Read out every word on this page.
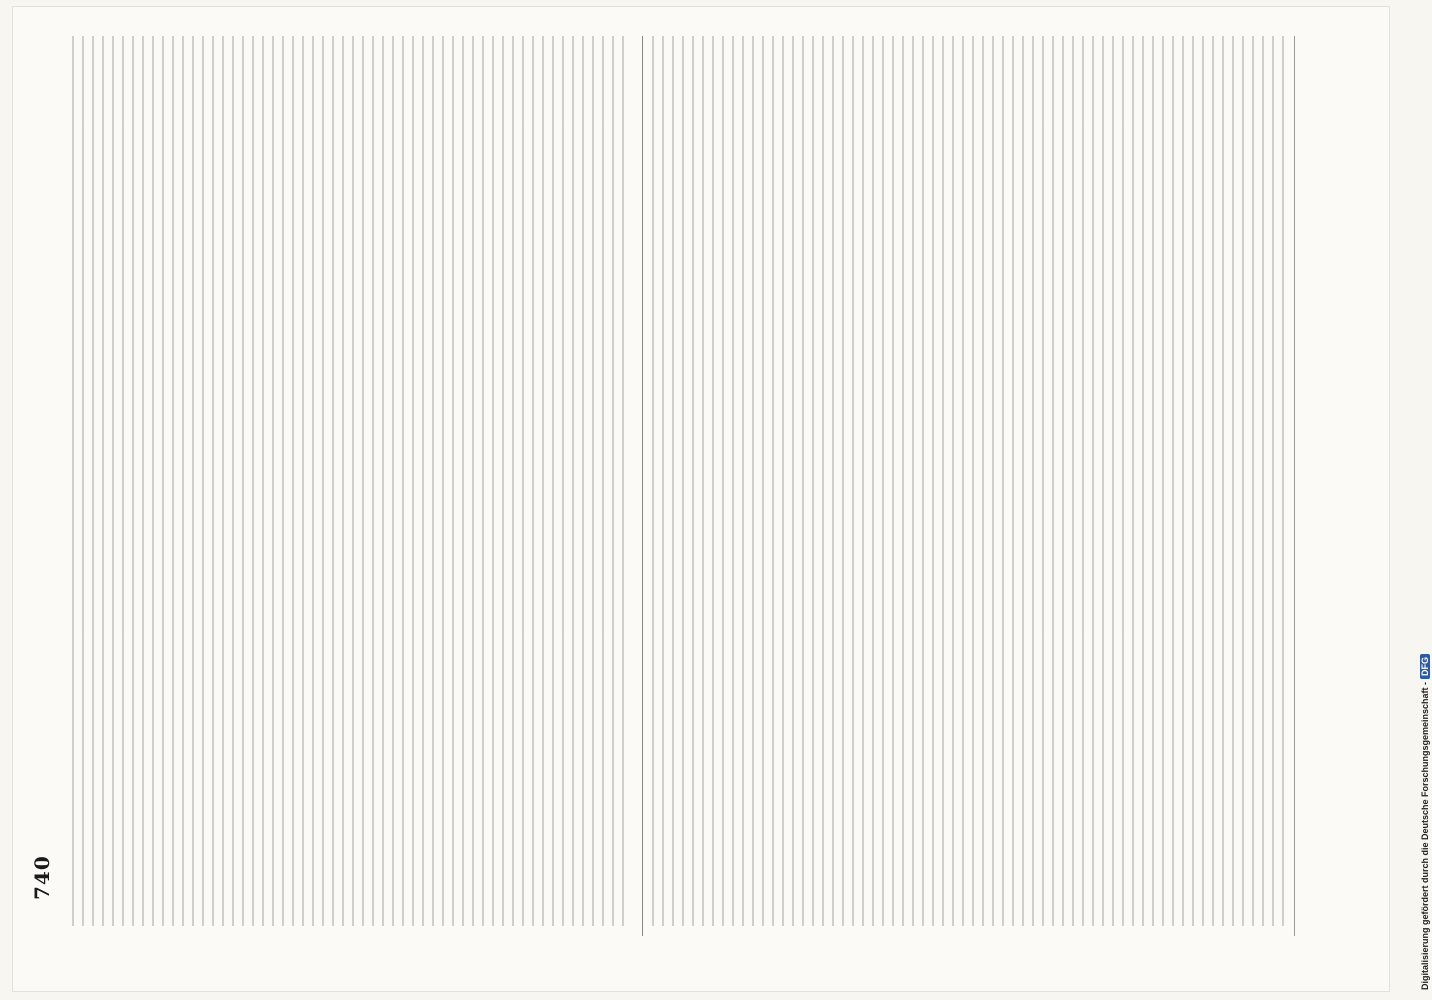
740	Digitalisierung gefördert durch die Deutsche Forschungsgemeinschaft -DFG
